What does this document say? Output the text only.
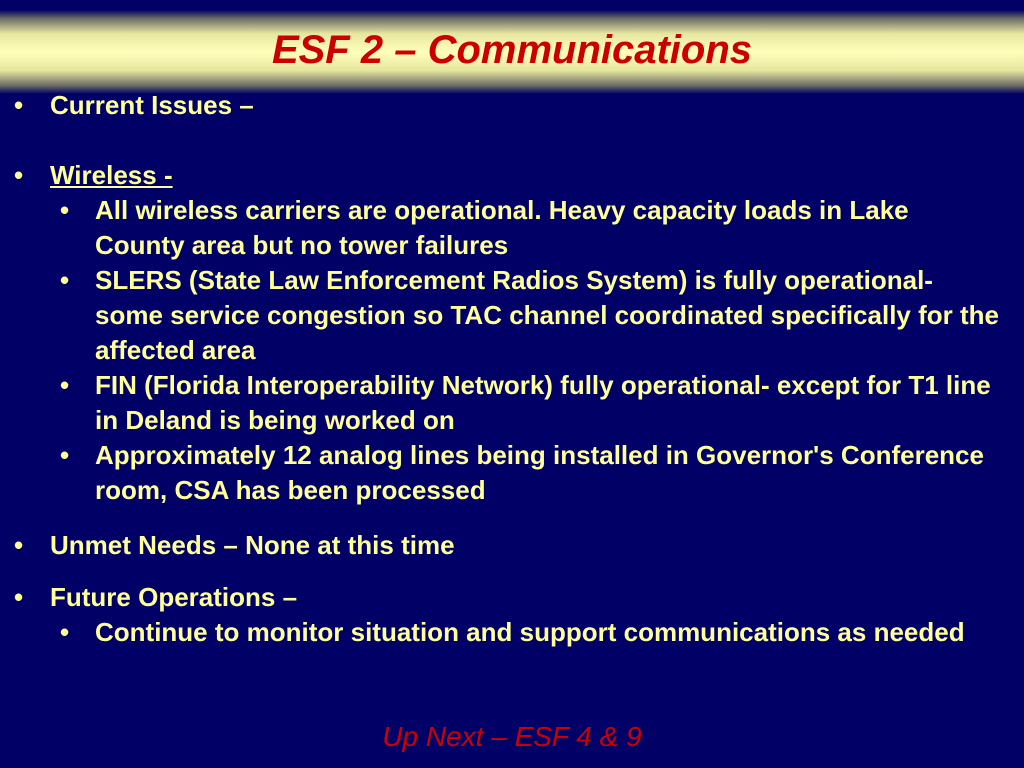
ESF 2 – Communications
• Current Issues –
• Wireless -
• All wireless carriers are operational. Heavy capacity loads in Lake County area but no tower failures
• SLERS (State Law Enforcement Radios System) is fully operational-some service congestion so TAC channel coordinated specifically for the affected area
• FIN (Florida Interoperability Network) fully operational- except for T1 line in Deland is being worked on
• Approximately 12 analog lines being installed in Governor's Conference room, CSA has been processed
• Unmet Needs – None at this time
• Future Operations –
• Continue to monitor situation and support communications as needed
Up Next – ESF 4 & 9
